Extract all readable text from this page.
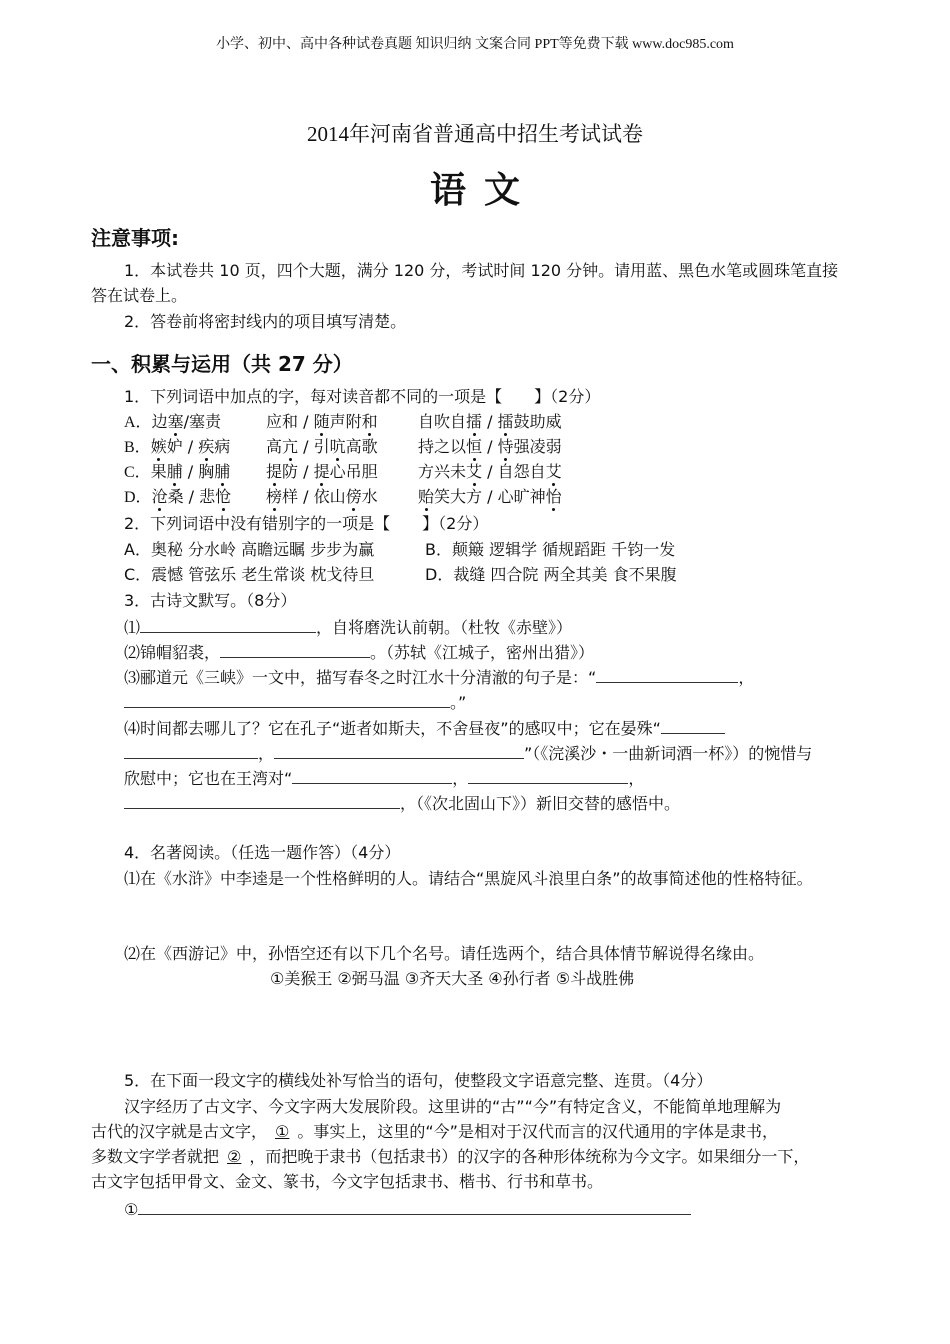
小学、初中、高中各种试卷真题 知识归纳 文案合同 PPT等免费下载 www.doc985.com
2014年河南省普通高中招生考试试卷
语文
注意事项:
1．本试卷共 10 页，四个大题，满分 120 分，考试时间 120 分钟。请用蓝、黑色水笔或圆珠笔直接
答在试卷上。
2．答卷前将密封线内的项目填写清楚。
一、积累与运用（共 27 分）
1．下列词语中加点的字，每对读音都不同的一项是【　　】（2分）
A．边塞/塞责	应和 / 随声附和	自吹自擂 / 擂鼓助威
B．嫉妒 / 疾病 高亢 / 引吭高歌	持之以恒 / 恃强凌弱
C．果脯 / 胸脯 提防 / 提心吊胆	方兴未艾 / 自怨自艾
D．沧桑 / 悲怆 榜样 / 依山傍水	贻笑大方 / 心旷神怡
2．下列词语中没有错别字的一项是【　　】（2分）
A．奥秘 分水岭 高瞻远瞩 步步为赢	B．颠簸 逻辑学 循规蹈距 千钧一发
C．震憾 管弦乐 老生常谈 枕戈待旦	D．裁缝 四合院 两全其美 食不果腹
3．古诗文默写。（8分）
⑴	，自将磨洗认前朝。（杜牧《赤壁》）
⑵锦帽貂裘，	。（苏轼《江城子，密州出猎》）
⑶郦道元《三峡》一文中，描写春冬之时江水十分清澈的句子是：“	，
。”
⑷时间都去哪儿了？它在孔子“逝者如斯夫，不舍昼夜”的感叹中；它在晏殊“
，	”（《浣溪沙・一曲新词酒一杯》）的惋惜与
欣慰中；它也在王湾对“	，	，
，（《次北固山下》）新旧交替的感悟中。
4．名著阅读。（任选一题作答）（4分）
⑴在《水浒》中李逵是一个性格鲜明的人。请结合“黑旋风斗浪里白条”的故事简述他的性格特征。
⑵在《西游记》中，孙悟空还有以下几个名号。请任选两个，结合具体情节解说得名缘由。
①美猴王 ②弼马温 ③齐天大圣 ④孙行者 ⑤斗战胜佛
5．在下面一段文字的横线处补写恰当的语句，使整段文字语意完整、连贯。（4分）
汉字经历了古文字、今文字两大发展阶段。这里讲的“古”“今”有特定含义，不能简单地理解为
古代的汉字就是古文字， ① 。事实上，这里的“今”是相对于汉代而言的汉代通用的字体是隶书，
多数文字学者就把 ② ，而把晚于隶书（包括隶书）的汉字的各种形体统称为今文字。如果细分一下，
古文字包括甲骨文、金文、篆书，今文字包括隶书、楷书、行书和草书。
①
